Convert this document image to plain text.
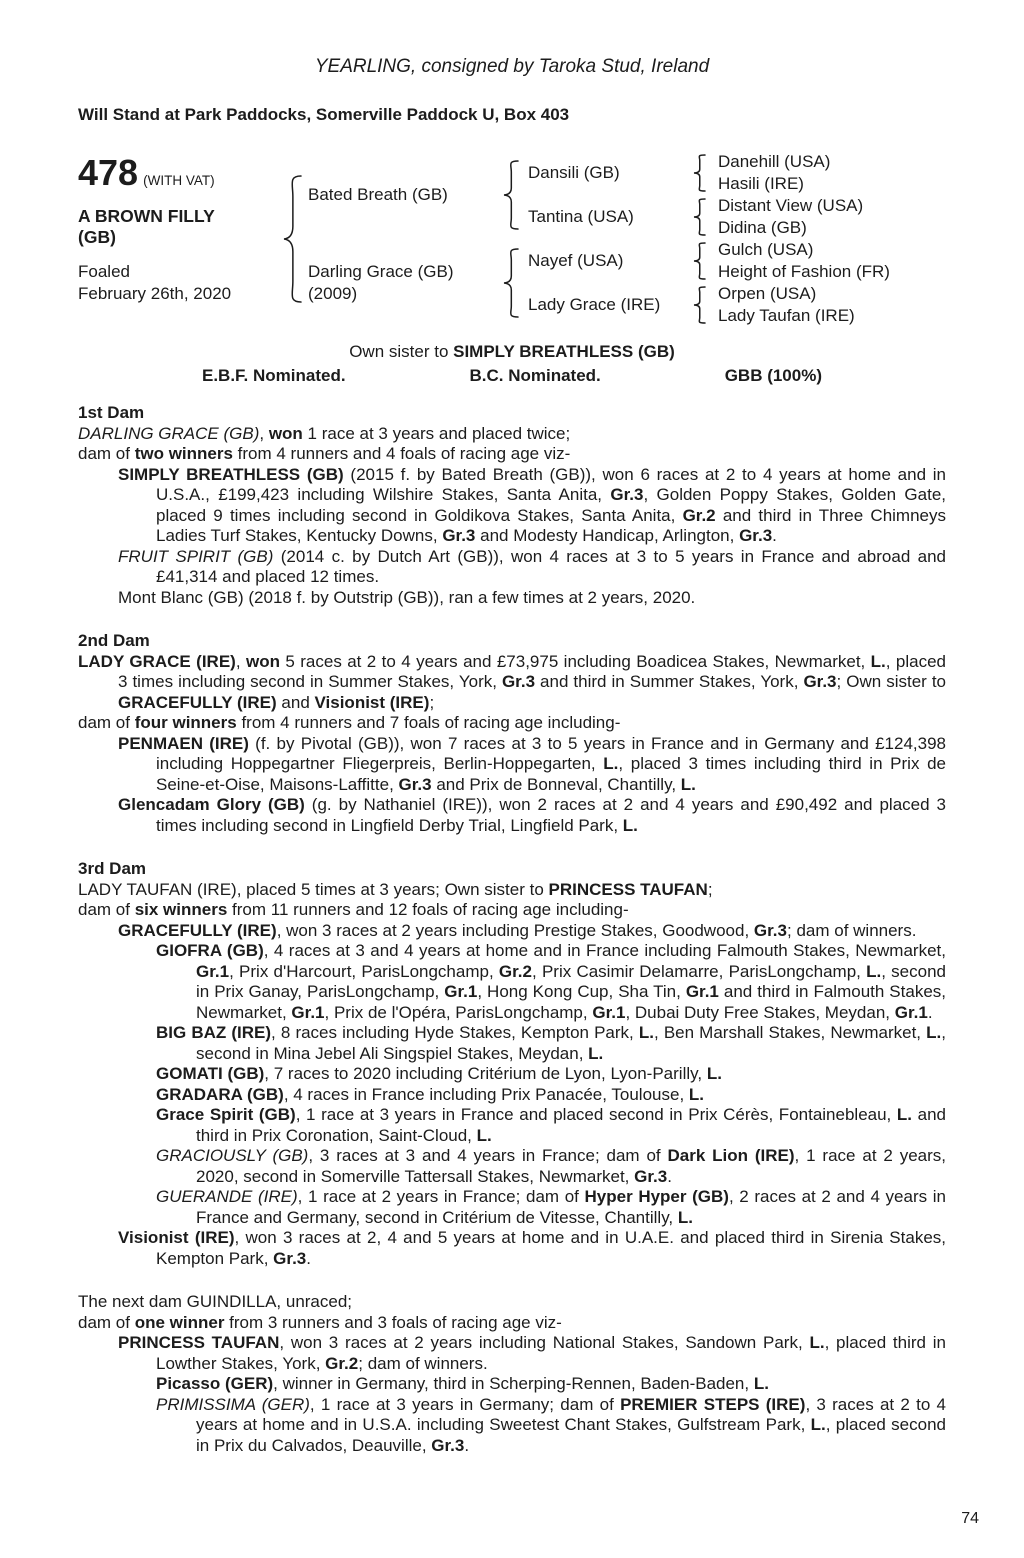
YEARLING, consigned by Taroka Stud, Ireland
Will Stand at Park Paddocks, Somerville Paddock U, Box 403
478 (WITH VAT)
A BROWN FILLY
(GB)
Foaled
February 26th, 2020
Bated Breath (GB)
Darling Grace (GB)
(2009)
Dansili (GB)
Tantina (USA)
Nayef (USA)
Lady Grace (IRE)
Danehill (USA)
Hasili (IRE)
Distant View (USA)
Didina (GB)
Gulch (USA)
Height of Fashion (FR)
Orpen (USA)
Lady Taufan (IRE)
Own sister to SIMPLY BREATHLESS (GB)
E.B.F. Nominated.	B.C. Nominated.	GBB (100%)
1st Dam

DARLING GRACE (GB), won 1 race at 3 years and placed twice;

dam of two winners from 4 runners and 4 foals of racing age viz-

SIMPLY BREATHLESS (GB) (2015 f. by Bated Breath (GB)), won 6 races at 2 to 4 years at home and in U.S.A., £199,423 including Wilshire Stakes, Santa Anita, Gr.3, Golden Poppy Stakes, Golden Gate, placed 9 times including second in Goldikova Stakes, Santa Anita, Gr.2 and third in Three Chimneys Ladies Turf Stakes, Kentucky Downs, Gr.3 and Modesty Handicap, Arlington, Gr.3.

FRUIT SPIRIT (GB) (2014 c. by Dutch Art (GB)), won 4 races at 3 to 5 years in France and abroad and £41,314 and placed 12 times.

Mont Blanc (GB) (2018 f. by Outstrip (GB)), ran a few times at 2 years, 2020.

2nd Dam

LADY GRACE (IRE), won 5 races at 2 to 4 years and £73,975 including Boadicea Stakes, Newmarket, L., placed 3 times including second in Summer Stakes, York, Gr.3 and third in Summer Stakes, York, Gr.3; Own sister to GRACEFULLY (IRE) and Visionist (IRE);

dam of four winners from 4 runners and 7 foals of racing age including-

PENMAEN (IRE) (f. by Pivotal (GB)), won 7 races at 3 to 5 years in France and in Germany and £124,398 including Hoppegartner Fliegerpreis, Berlin-Hoppegarten, L., placed 3 times including third in Prix de Seine-et-Oise, Maisons-Laffitte, Gr.3 and Prix de Bonneval, Chantilly, L.

Glencadam Glory (GB) (g. by Nathaniel (IRE)), won 2 races at 2 and 4 years and £90,492 and placed 3 times including second in Lingfield Derby Trial, Lingfield Park, L.

3rd Dam

LADY TAUFAN (IRE), placed 5 times at 3 years; Own sister to PRINCESS TAUFAN;

dam of six winners from 11 runners and 12 foals of racing age including-

GRACEFULLY (IRE), won 3 races at 2 years including Prestige Stakes, Goodwood, Gr.3; dam of winners.

GIOFRA (GB), 4 races at 3 and 4 years at home and in France including Falmouth Stakes, Newmarket, Gr.1, Prix d'Harcourt, ParisLongchamp, Gr.2, Prix Casimir Delamarre, ParisLongchamp, L., second in Prix Ganay, ParisLongchamp, Gr.1, Hong Kong Cup, Sha Tin, Gr.1 and third in Falmouth Stakes, Newmarket, Gr.1, Prix de l'Opéra, ParisLongchamp, Gr.1, Dubai Duty Free Stakes, Meydan, Gr.1.

BIG BAZ (IRE), 8 races including Hyde Stakes, Kempton Park, L., Ben Marshall Stakes, Newmarket, L., second in Mina Jebel Ali Singspiel Stakes, Meydan, L.

GOMATI (GB), 7 races to 2020 including Critérium de Lyon, Lyon-Parilly, L.

GRADARA (GB), 4 races in France including Prix Panacée, Toulouse, L.

Grace Spirit (GB), 1 race at 3 years in France and placed second in Prix Cérès, Fontainebleau, L. and third in Prix Coronation, Saint-Cloud, L.

GRACIOUSLY (GB), 3 races at 3 and 4 years in France; dam of Dark Lion (IRE), 1 race at 2 years, 2020, second in Somerville Tattersall Stakes, Newmarket, Gr.3.

GUERANDE (IRE), 1 race at 2 years in France; dam of Hyper Hyper (GB), 2 races at 2 and 4 years in France and Germany, second in Critérium de Vitesse, Chantilly, L.

Visionist (IRE), won 3 races at 2, 4 and 5 years at home and in U.A.E. and placed third in Sirenia Stakes, Kempton Park, Gr.3.

The next dam GUINDILLA, unraced;

dam of one winner from 3 runners and 3 foals of racing age viz-

PRINCESS TAUFAN, won 3 races at 2 years including National Stakes, Sandown Park, L., placed third in Lowther Stakes, York, Gr.2; dam of winners.

Picasso (GER), winner in Germany, third in Scherping-Rennen, Baden-Baden, L.

PRIMISSIMA (GER), 1 race at 3 years in Germany; dam of PREMIER STEPS (IRE), 3 races at 2 to 4 years at home and in U.S.A. including Sweetest Chant Stakes, Gulfstream Park, L., placed second in Prix du Calvados, Deauville, Gr.3.

74
